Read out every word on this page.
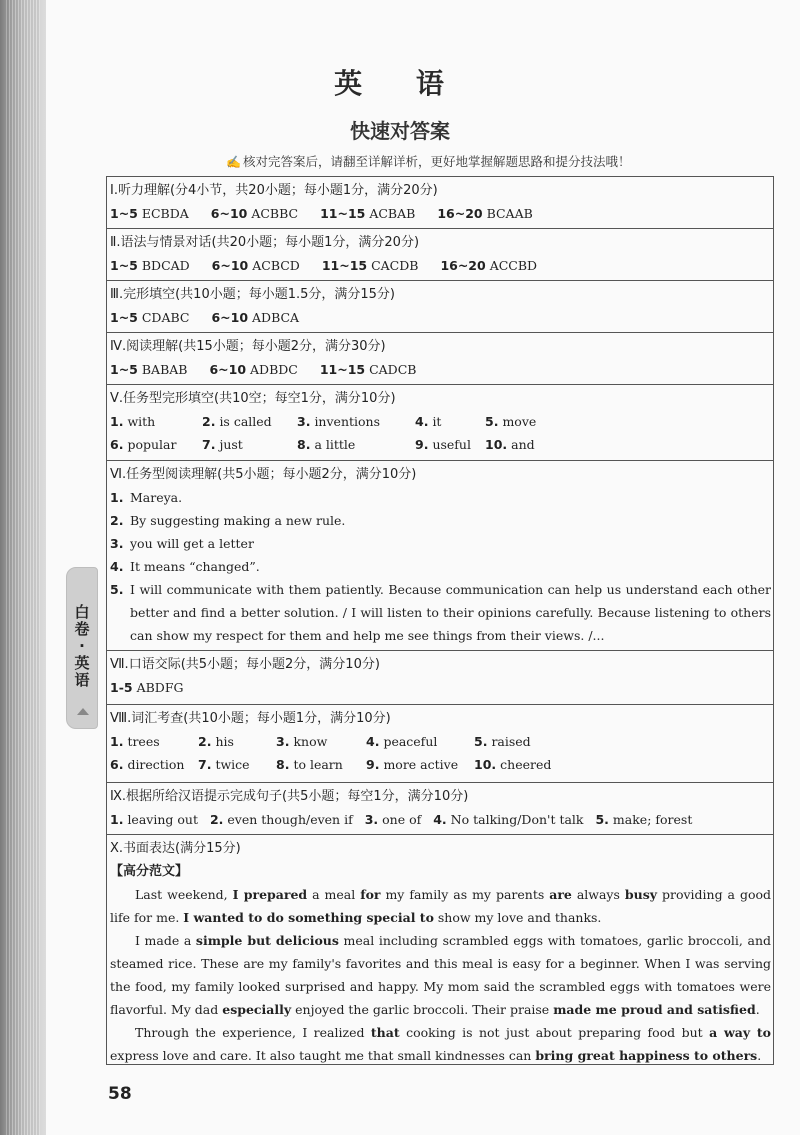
英 语
快速对答案
✍ 核对完答案后，请翻至详解详析，更好地掌握解题思路和提分技法哦！
白卷·英语
Ⅰ.听力理解(分4小节，共20小题；每小题1分，满分20分)
1~5 ECBDA 6~10 ACBBC 11~15 ACBAB 16~20 BCAAB
Ⅱ.语法与情景对话(共20小题；每小题1分，满分20分)
1~5 BDCAD 6~10 ACBCD 11~15 CACDB 16~20 ACCBD
Ⅲ.完形填空(共10小题；每小题1.5分，满分15分)
1~5 CDABC 6~10 ADBCA
Ⅳ.阅读理解(共15小题；每小题2分，满分30分)
1~5 BABAB 6~10 ADBDC 11~15 CADCB
Ⅴ.任务型完形填空(共10空；每空1分，满分10分)
1. with	2. is called 3. inventions	4. it	5. move
6. popular 7. just	8. a little	9. useful 10. and
Ⅵ.任务型阅读理解(共5小题；每小题2分，满分10分)
1. Mareya.
2. By suggesting making a new rule.
3. you will get a letter
4. It means “changed”.
5. I will communicate with them patiently. Because communication can help us understand each other better and find a better solution. / I will listen to their opinions carefully. Because listening to others can show my respect for them and help me see things from their views. /...
Ⅶ.口语交际(共5小题；每小题2分，满分10分)
1-5 ABDFG
Ⅷ.词汇考查(共10小题；每小题1分，满分10分)
1. trees	2. his	3. know	4. peaceful	5. raised
6. direction 7. twice 8. to learn 9. more active 10. cheered
Ⅸ.根据所给汉语提示完成句子(共5小题；每空1分，满分10分)
1. leaving out 2. even though/even if 3. one of 4. No talking/Don't talk 5. make; forest
Ⅹ.书面表达(满分15分)
【高分范文】
Last weekend, I prepared a meal for my family as my parents are always busy providing a good life for me. I wanted to do something special to show my love and thanks.
I made a simple but delicious meal including scrambled eggs with tomatoes, garlic broccoli, and steamed rice. These are my family's favorites and this meal is easy for a beginner. When I was serving the food, my family looked surprised and happy. My mom said the scrambled eggs with tomatoes were flavorful. My dad especially enjoyed the garlic broccoli. Their praise made me proud and satisfied.
Through the experience, I realized that cooking is not just about preparing food but a way to express love and care. It also taught me that small kindnesses can bring great happiness to others.
58
